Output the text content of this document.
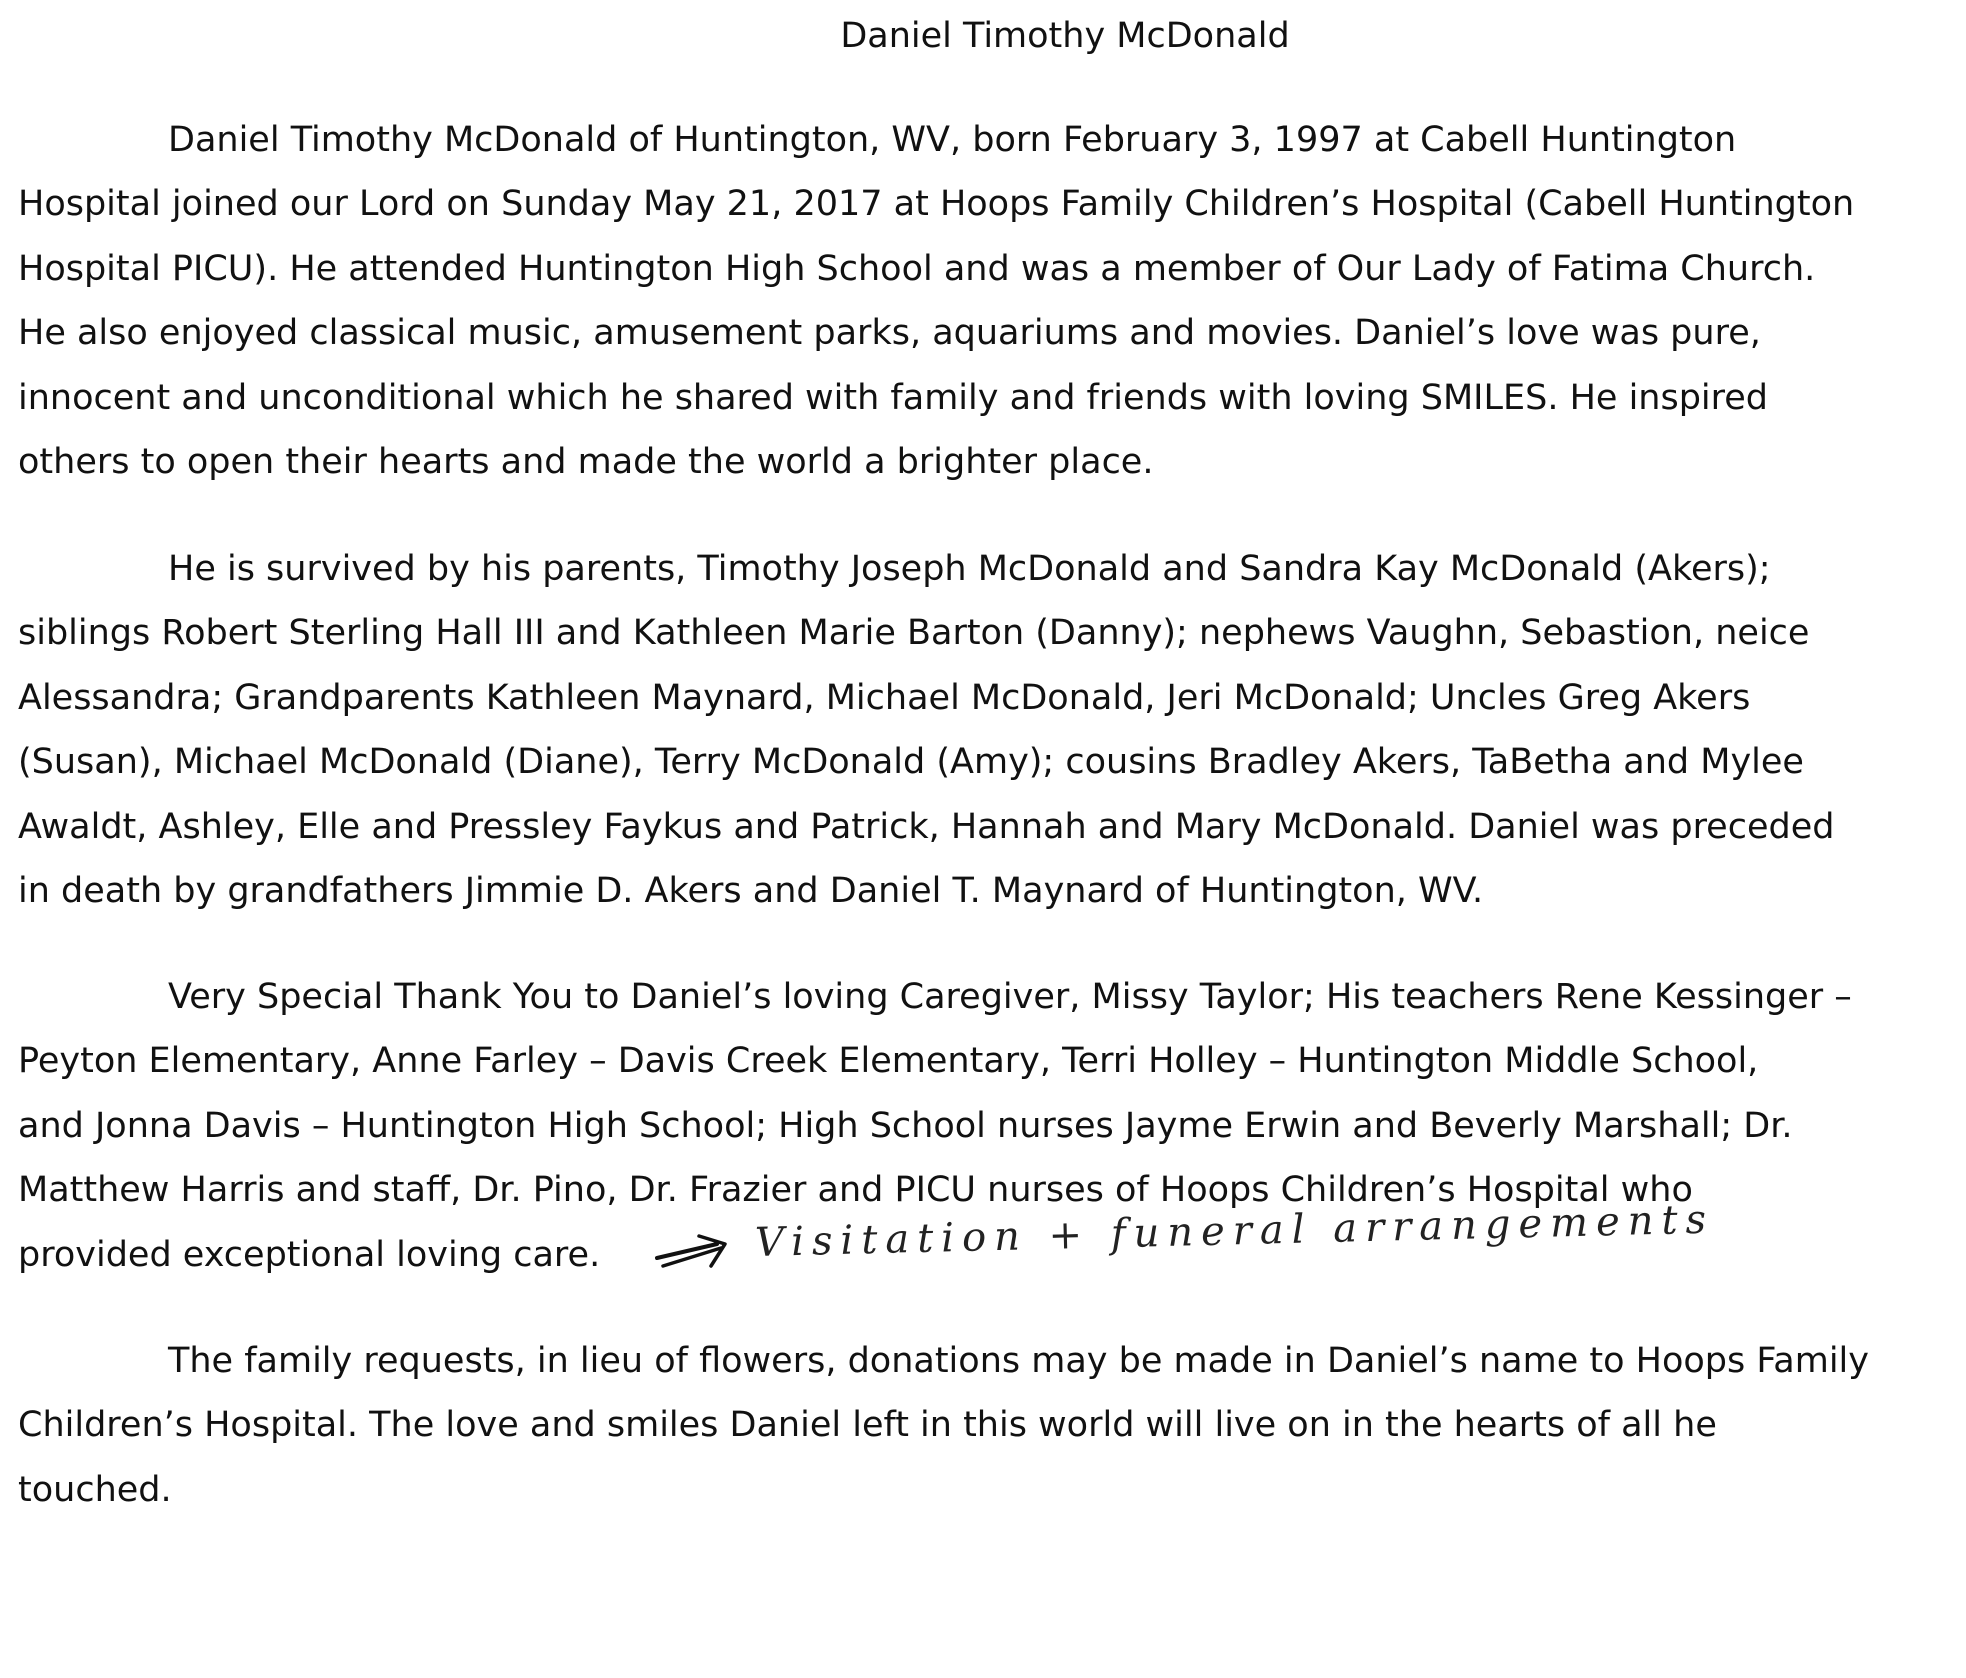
Daniel Timothy McDonald
Daniel Timothy McDonald of Huntington, WV, born February 3, 1997 at Cabell Huntington
Hospital joined our Lord on Sunday May 21, 2017 at Hoops Family Children’s Hospital (Cabell Huntington
Hospital PICU). He attended Huntington High School and was a member of Our Lady of Fatima Church.
He also enjoyed classical music, amusement parks, aquariums and movies. Daniel’s love was pure,
innocent and unconditional which he shared with family and friends with loving SMILES. He inspired
others to open their hearts and made the world a brighter place.
He is survived by his parents, Timothy Joseph McDonald and Sandra Kay McDonald (Akers);
siblings Robert Sterling Hall III and Kathleen Marie Barton (Danny); nephews Vaughn, Sebastion, neice
Alessandra; Grandparents Kathleen Maynard, Michael McDonald, Jeri McDonald; Uncles Greg Akers
(Susan), Michael McDonald (Diane), Terry McDonald (Amy); cousins Bradley Akers, TaBetha and Mylee
Awaldt, Ashley, Elle and Pressley Faykus and Patrick, Hannah and Mary McDonald. Daniel was preceded
in death by grandfathers Jimmie D. Akers and Daniel T. Maynard of Huntington, WV.
Very Special Thank You to Daniel’s loving Caregiver, Missy Taylor; His teachers Rene Kessinger –
Peyton Elementary, Anne Farley – Davis Creek Elementary, Terri Holley – Huntington Middle School,
and Jonna Davis – Huntington High School; High School nurses Jayme Erwin and Beverly Marshall; Dr.
Matthew Harris and staff, Dr. Pino, Dr. Frazier and PICU nurses of Hoops Children’s Hospital who
provided exceptional loving care.	Visitation + funeral arrangements
The family requests, in lieu of flowers, donations may be made in Daniel’s name to Hoops Family
Children’s Hospital. The love and smiles Daniel left in this world will live on in the hearts of all he
touched.
